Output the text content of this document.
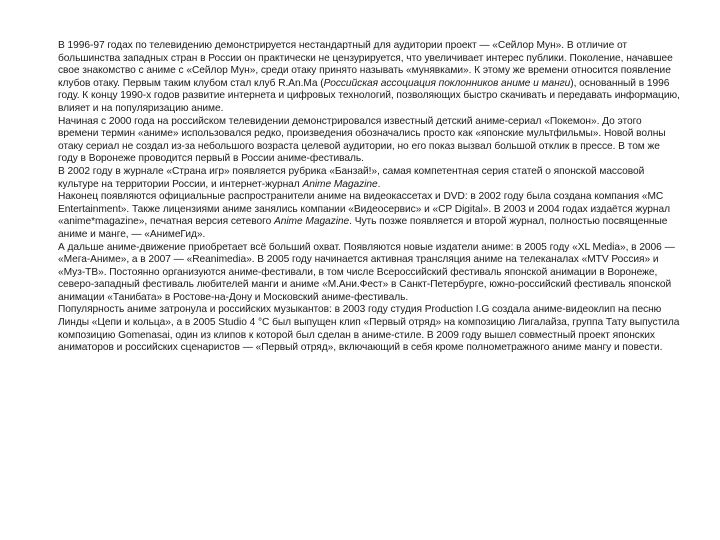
В 1996-97 годах по телевидению демонстрируется нестандартный для аудитории проект — «Сейлор Мун». В отличие от большинства западных стран в России он практически не цензурируется, что увеличивает интерес публики. Поколение, начавшее свое знакомство с аниме с «Сейлор Мун», среди отаку принято называть «мунявками». К этому же времени относится появление клубов отаку. Первым таким клубом стал клуб R.An.Ma (Российская ассоциация поклонников аниме и манги), основанный в 1996 году. К концу 1990-х годов развитие интернета и цифровых технологий, позволяющих быстро скачивать и передавать информацию, влияет и на популяризацию аниме.

Начиная с 2000 года на российском телевидении демонстрировался известный детский аниме-сериал «Покемон». До этого времени термин «аниме» использовался редко, произведения обозначались просто как «японские мультфильмы». Новой волны отаку сериал не создал из-за небольшого возраста целевой аудитории, но его показ вызвал большой отклик в прессе. В том же году в Воронеже проводится первый в России аниме-фестиваль.

В 2002 году в журнале «Страна игр» появляется рубрика «Банзай!», самая компетентная серия статей о японской массовой культуре на территории России, и интернет-журнал Anime Magazine.

Наконец появляются официальные распространители аниме на видеокассетах и DVD: в 2002 году была создана компания «MC Entertainment». Также лицензиями аниме занялись компании «Видеосервис» и «CP Digital». В 2003 и 2004 годах издаётся журнал «anime*magazine», печатная версия сетевого Anime Magazine. Чуть позже появляется и второй журнал, полностью посвященные аниме и манге, — «АнимеГид».

А дальше аниме-движение приобретает всё больший охват. Появляются новые издатели аниме: в 2005 году «XL Media», в 2006 — «Мега-Аниме», а в 2007 — «Reanimedia». В 2005 году начинается активная трансляция аниме на телеканалах «MTV Россия» и «Муз-ТВ». Постоянно организуются аниме-фестивали, в том числе Всероссийский фестиваль японской анимации в Воронеже, северо-западный фестиваль любителей манги и аниме «М.Ани.Фест» в Санкт-Петербурге, южно-российский фестиваль японской анимации «Танибата» в Ростове-на-Дону и Московский аниме-фестиваль.

Популярность аниме затронула и российских музыкантов: в 2003 году студия Production I.G создала аниме-видеоклип на песню Линды «Цепи и кольца», а в 2005 Studio 4 °C был выпущен клип «Первый отряд» на композицию Лигалайза, группа Тату выпустила композицию Gomenasai, один из клипов к которой был сделан в аниме-стиле. В 2009 году вышел совместный проект японских аниматоров и российских сценаристов — «Первый отряд», включающий в себя кроме полнометражного аниме мангу и повести.
